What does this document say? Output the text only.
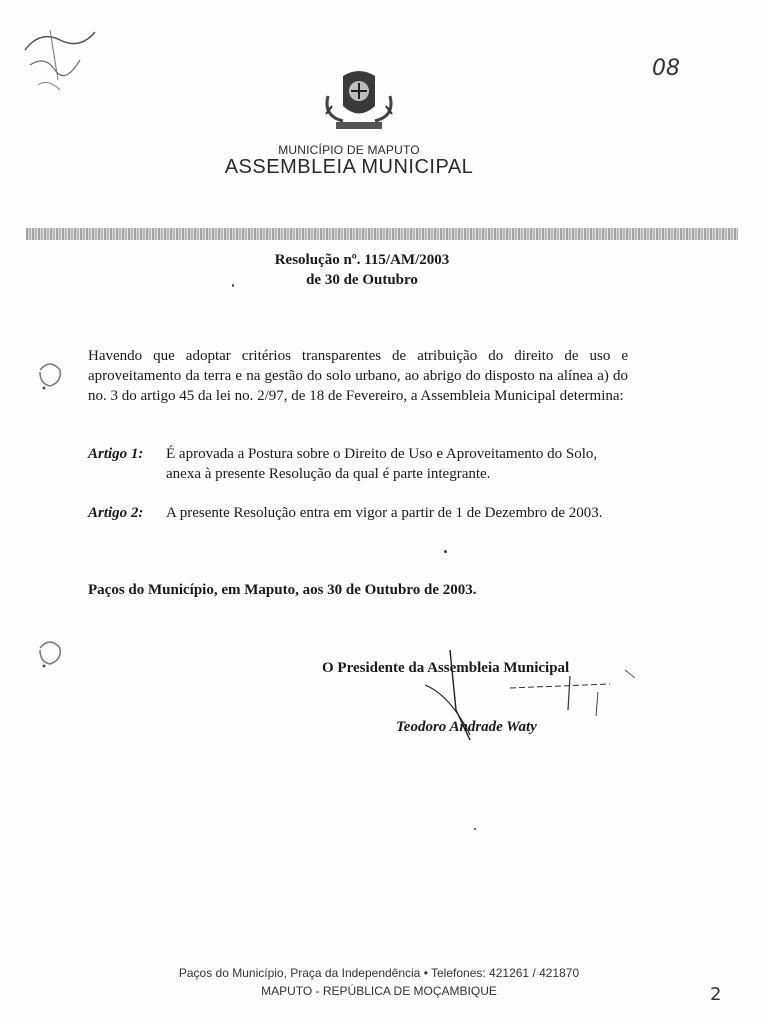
08
MUNICÍPIO DE MAPUTO
ASSEMBLEIA MUNICIPAL
Resolução nº. 115/AM/2003
de 30 de Outubro
Havendo que adoptar critérios transparentes de atribuição do direito de uso e aproveitamento da terra e na gestão do solo urbano, ao abrigo do disposto na alínea a) do no. 3 do artigo 45 da lei no. 2/97, de 18 de Fevereiro, a Assembleia Municipal determina:
Artigo 1: É aprovada a Postura sobre o Direito de Uso e Aproveitamento do Solo, anexa à presente Resolução da qual é parte integrante.
Artigo 2: A presente Resolução entra em vigor a partir de 1 de Dezembro de 2003.
Paços do Município, em Maputo, aos 30 de Outubro de 2003.
O Presidente da Assembleia Municipal
Teodoro Andrade Waty
Paços do Município, Praça da Independência • Telefones: 421261 / 421870
MAPUTO - REPÚBLICA DE MOÇAMBIQUE	2
